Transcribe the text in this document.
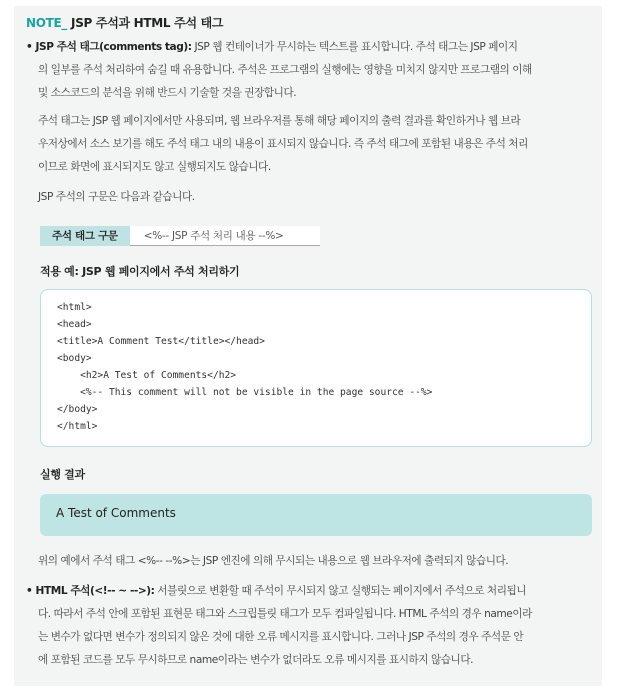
NOTE_ JSP 주석과 HTML 주석 태그
• JSP 주석 태그(comments tag): JSP 웹 컨테이너가 무시하는 텍스트를 표시합니다. 주석 태그는 JSP 페이지
의 일부를 주석 처리하여 숨길 때 유용합니다. 주석은 프로그램의 실행에는 영향을 미치지 않지만 프로그램의 이해
및 소스코드의 분석을 위해 반드시 기술할 것을 권장합니다.
주석 태그는 JSP 웹 페이지에서만 사용되며, 웹 브라우저를 통해 해당 페이지의 출력 결과를 확인하거나 웹 브라
우저상에서 소스 보기를 해도 주석 태그 내의 내용이 표시되지 않습니다. 즉 주석 태그에 포함된 내용은 주석 처리
이므로 화면에 표시되지도 않고 실행되지도 않습니다.
JSP 주석의 구문은 다음과 같습니다.
주석 태그 구문	<%-- JSP 주석 처리 내용 --%>
적용 예: JSP 웹 페이지에서 주석 처리하기
<html>
<head>
<title>A Comment Test</title></head>
<body>
<h2>A Test of Comments</h2>
<%-- This comment will not be visible in the page source --%>
</body>
</html>
실행 결과
A Test of Comments
위의 예에서 주석 태그 <%-- --%>는 JSP 엔진에 의해 무시되는 내용으로 웹 브라우저에 출력되지 않습니다.
• HTML 주석(<!-- ~ -->): 서블릿으로 변환할 때 주석이 무시되지 않고 실행되는 페이지에서 주석으로 처리됩니
다. 따라서 주석 안에 포함된 표현문 태그와 스크립틀릿 태그가 모두 컴파일됩니다. HTML 주석의 경우 name이라
는 변수가 없다면 변수가 정의되지 않은 것에 대한 오류 메시지를 표시합니다. 그러나 JSP 주석의 경우 주석문 안
에 포함된 코드를 모두 무시하므로 name이라는 변수가 없더라도 오류 메시지를 표시하지 않습니다.
